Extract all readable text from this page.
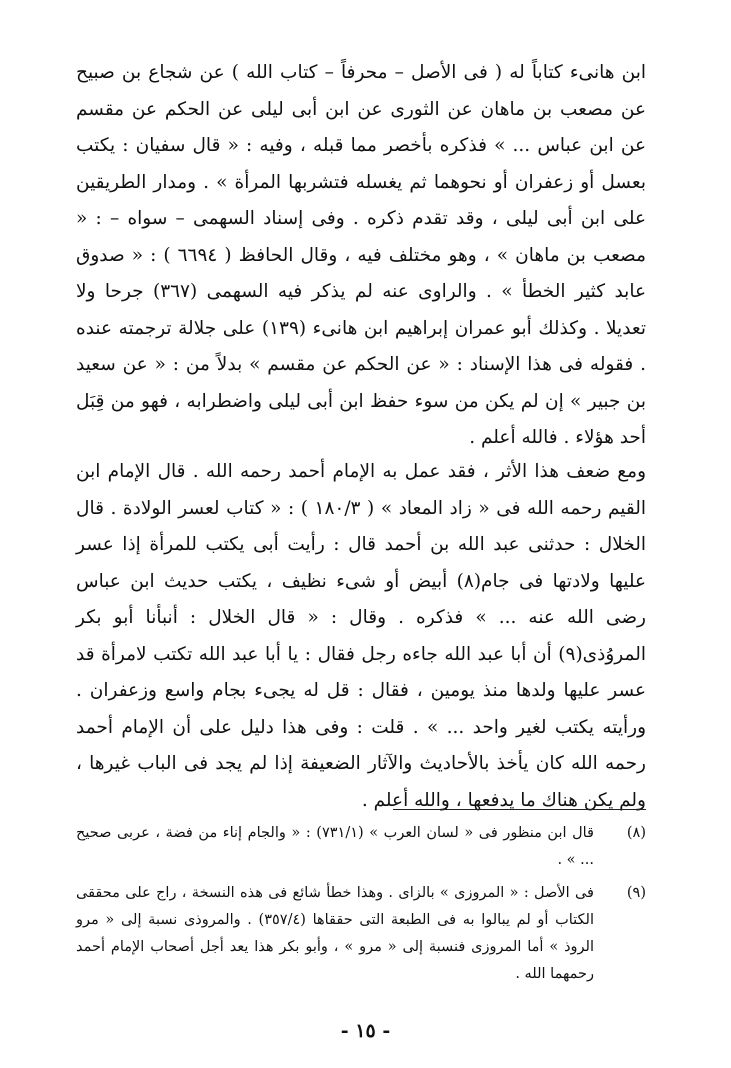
ابن هانىء كتاباً له ( فى الأصل – محرفاً – كتاب الله ) عن شجاع بن صبيح عن مصعب بن ماهان عن الثورى عن ابن أبى ليلى عن الحكم عن مقسم عن ابن عباس ... » فذكره بأخصر مما قبله ، وفيه : « قال سفيان : يكتب بعسل أو زعفران أو نحوهما ثم يغسله فتشربها المرأة » . ومدار الطريقين على ابن أبى ليلى ، وقد تقدم ذكره . وفى إسناد السهمى – سواه – : « مصعب بن ماهان » ، وهو مختلف فيه ، وقال الحافظ ( ٦٦٩٤ ) : « صدوق عابد كثير الخطأ » . والراوى عنه لم يذكر فيه السهمى (٣٦٧) جرحا ولا تعديلا . وكذلك أبو عمران إبراهيم ابن هانىء (١٣٩) على جلالة ترجمته عنده . فقوله فى هذا الإسناد : « عن الحكم عن مقسم » بدلاً من : « عن سعيد بن جبير » إن لم يكن من سوء حفظ ابن أبى ليلى واضطرابه ، فهو من قِبَل أحد هؤلاء . فالله أعلم .

ومع ضعف هذا الأثر ، فقد عمل به الإمام أحمد رحمه الله . قال الإمام ابن القيم رحمه الله فى « زاد المعاد » ( ١٨٠/٣ ) : « كتاب لعسر الولادة . قال الخلال : حدثنى عبد الله بن أحمد قال : رأيت أبى يكتب للمرأة إذا عسر عليها ولادتها فى جام(٨) أبيض أو شىء نظيف ، يكتب حديث ابن عباس رضى الله عنه ... » فذكره . وقال : « قال الخلال : أنبأنا أبو بكر المروُذى(٩) أن أبا عبد الله جاءه رجل فقال : يا أبا عبد الله تكتب لامرأة قد عسر عليها ولدها منذ يومين ، فقال : قل له يجىء بجام واسع وزعفران . ورأيته يكتب لغير واحد ... » . قلت : وفى هذا دليل على أن الإمام أحمد رحمه الله كان يأخذ بالأحاديث والآثار الضعيفة إذا لم يجد فى الباب غيرها ، ولم يكن هناك ما يدفعها ، والله أعلم .

(٨)
قال ابن منظور فى « لسان العرب » (٧٣١/١) : « والجام إناء من فضة ، عربى صحيح ... » .
(٩)
فى الأصل : « المروزى » بالزاى . وهذا خطأ شائع فى هذه النسخة ، راج على محققى الكتاب أو لم يبالوا به فى الطبعة التى حققاها (٣٥٧/٤) . والمروذى نسبة إلى « مرو الروذ » أما المروزى فنسبة إلى « مرو » ، وأبو بكر هذا يعد أجل أصحاب الإمام أحمد رحمهما الله .
- ١٥ -
